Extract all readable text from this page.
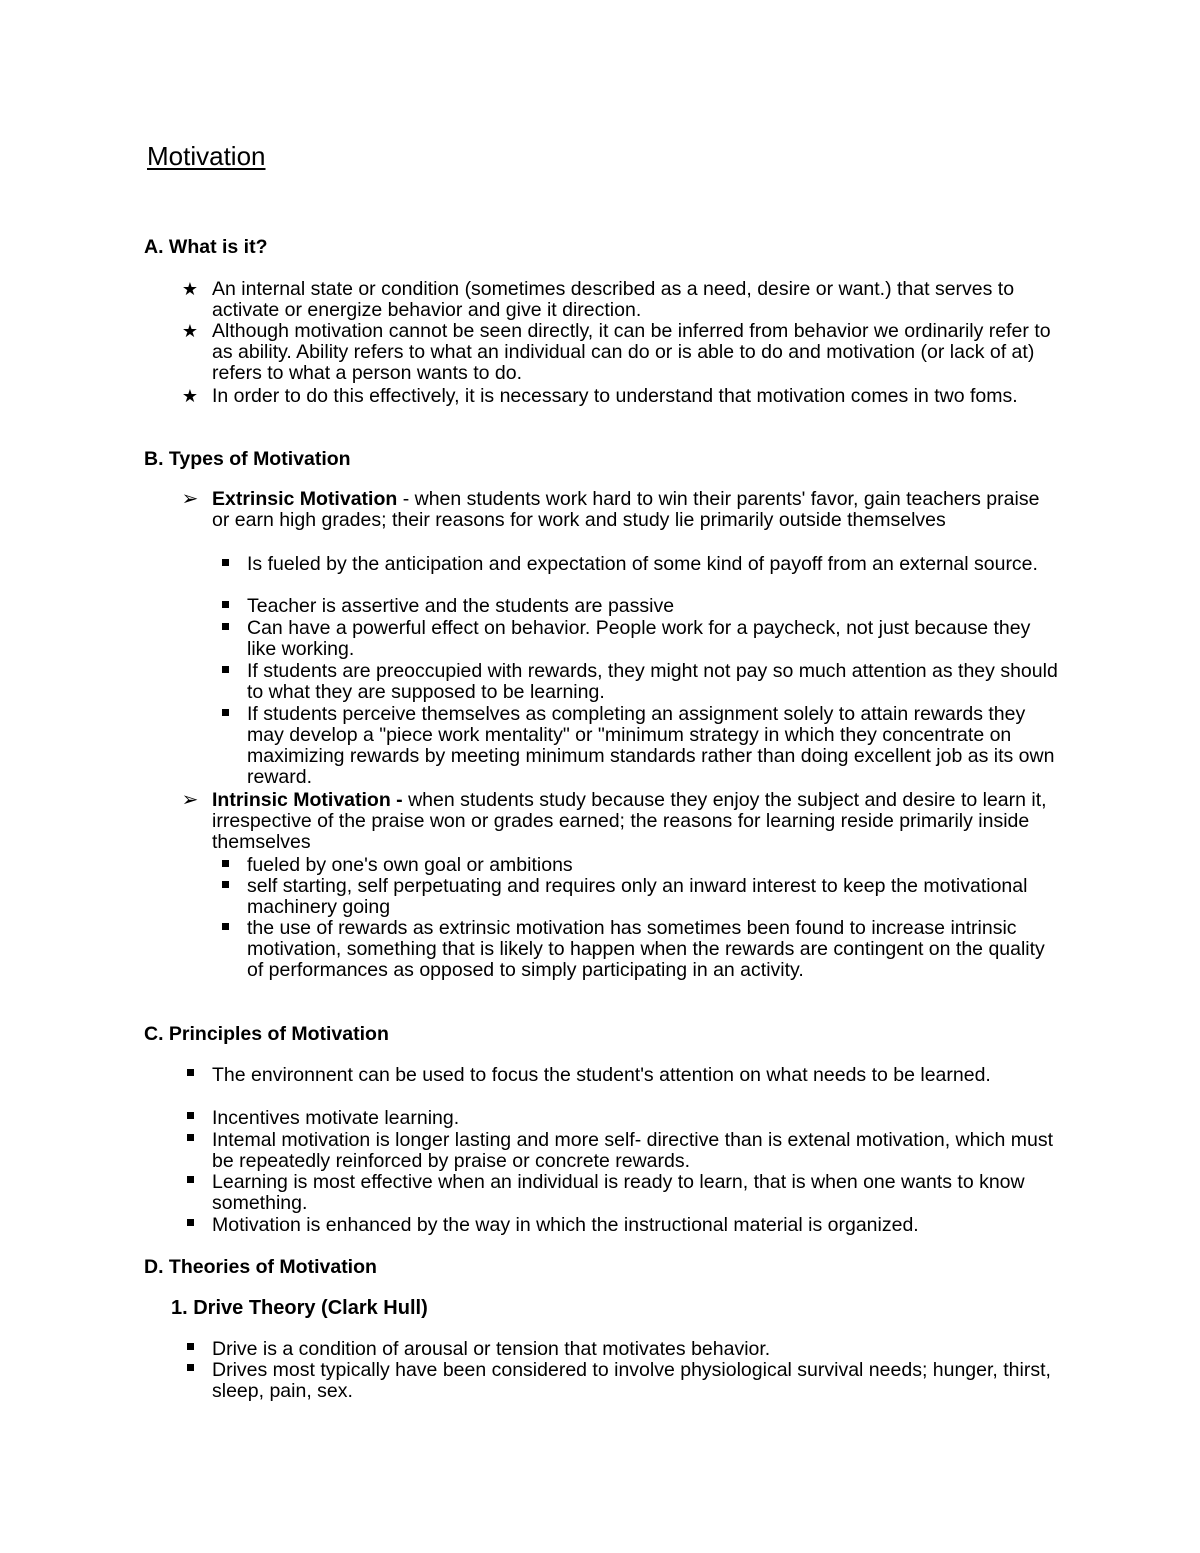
Motivation
A. What is it?
★ An internal state or condition (sometimes described as a need, desire or want.) that serves to activate or energize behavior and give it direction.

★ Although motivation cannot be seen directly, it can be inferred from behavior we ordinarily refer to as ability. Ability refers to what an individual can do or is able to do and motivation (or lack of at) refers to what a person wants to do.

★ In order to do this effectively, it is necessary to understand that motivation comes in two foms.

B. Types of Motivation
➢ Extrinsic Motivation - when students work hard to win their parents' favor, gain teachers praise or earn high grades; their reasons for work and study lie primarily outside themselves

Is fueled by the anticipation and expectation of some kind of payoff from an external source.

Teacher is assertive and the students are passive

Can have a powerful effect on behavior. People work for a paycheck, not just because they like working.

If students are preoccupied with rewards, they might not pay so much attention as they should to what they are supposed to be learning.

If students perceive themselves as completing an assignment solely to attain rewards they may develop a "piece work mentality" or "minimum strategy in which they concentrate on maximizing rewards by meeting minimum standards rather than doing excellent job as its own reward.

➢ Intrinsic Motivation - when students study because they enjoy the subject and desire to learn it, irrespective of the praise won or grades earned; the reasons for learning reside primarily inside themselves

fueled by one's own goal or ambitions

self starting, self perpetuating and requires only an inward interest to keep the motivational machinery going

the use of rewards as extrinsic motivation has sometimes been found to increase intrinsic motivation, something that is likely to happen when the rewards are contingent on the quality of performances as opposed to simply participating in an activity.

C. Principles of Motivation

The environnent can be used to focus the student's attention on what needs to be learned.

Incentives motivate learning.

Intemal motivation is longer lasting and more self- directive than is extenal motivation, which must be repeatedly reinforced by praise or concrete rewards.

Learning is most effective when an individual is ready to learn, that is when one wants to know something.

Motivation is enhanced by the way in which the instructional material is organized.

D. Theories of Motivation
1. Drive Theory (Clark Hull)

Drive is a condition of arousal or tension that motivates behavior.

Drives most typically have been considered to involve physiological survival needs; hunger, thirst, sleep, pain, sex.
